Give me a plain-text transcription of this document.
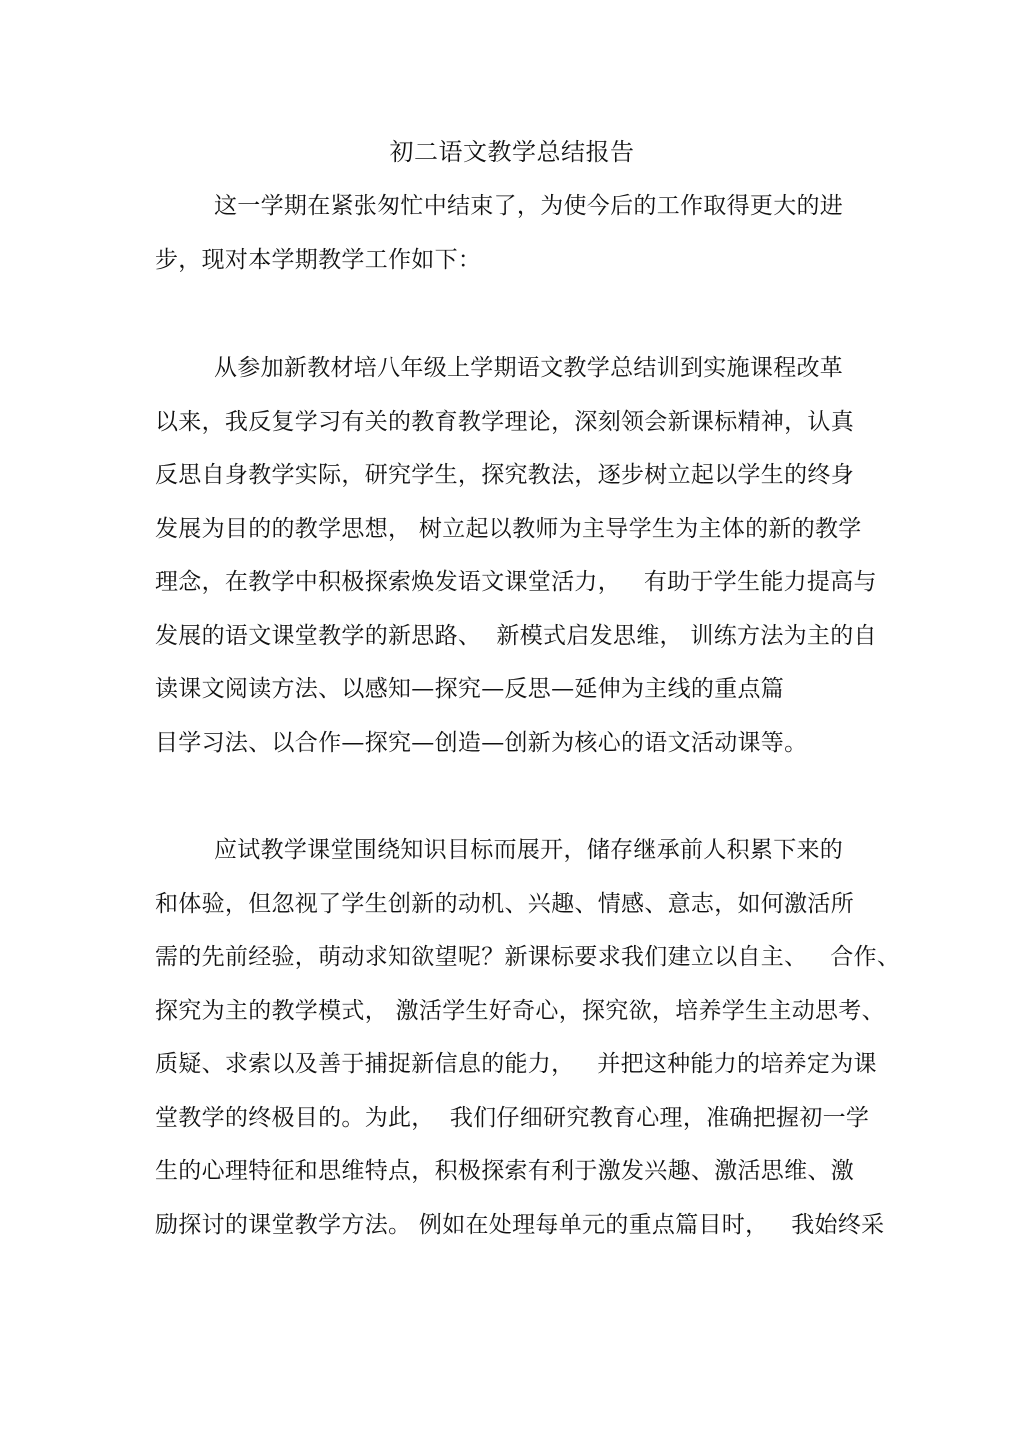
初二语文教学总结报告
这一学期在紧张匆忙中结束了，为使今后的工作取得更大的进
步，现对本学期教学工作如下：
从参加新教材培八年级上学期语文教学总结训到实施课程改革
以来，我反复学习有关的教育教学理论，深刻领会新课标精神，认真
反思自身教学实际，研究学生，探究教法，逐步树立起以学生的终身
发展为目的的教学思想， 树立起以教师为主导学生为主体的新的教学
理念，在教学中积极探索焕发语文课堂活力，   有助于学生能力提高与
发展的语文课堂教学的新思路、  新模式启发思维， 训练方法为主的自
读课文阅读方法、以感知—探究—反思—延伸为主线的重点篇
目学习法、以合作—探究—创造—创新为核心的语文活动课等。
应试教学课堂围绕知识目标而展开，储存继承前人积累下来的
和体验，但忽视了学生创新的动机、兴趣、情感、意志，如何激活所
需的先前经验，萌动求知欲望呢？新课标要求我们建立以自主、   合作、
探究为主的教学模式， 激活学生好奇心，探究欲，培养学生主动思考、
质疑、求索以及善于捕捉新信息的能力，   并把这种能力的培养定为课
堂教学的终极目的。为此，  我们仔细研究教育心理，准确把握初一学
生的心理特征和思维特点，积极探索有利于激发兴趣、激活思维、激
励探讨的课堂教学方法。 例如在处理每单元的重点篇目时，   我始终采
